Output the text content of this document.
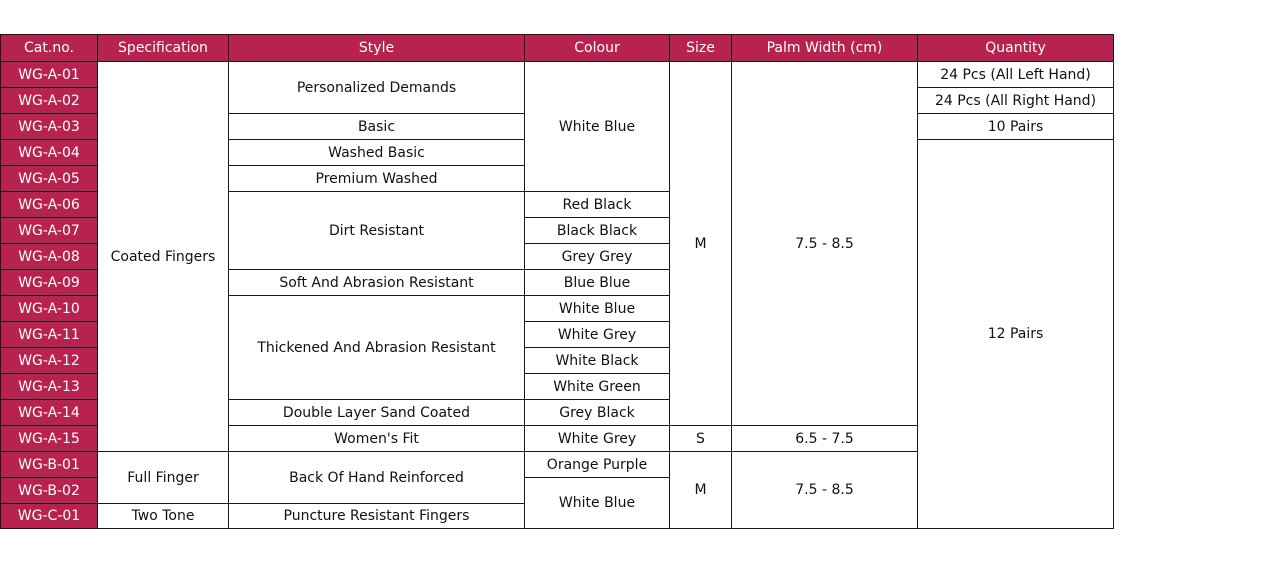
Cat.no.	Specification	Style	Colour	Size	Palm Width (cm)	Quantity
WG-A-01	Coated Fingers	Personalized Demands	White Blue	M	7.5 - 8.5	24 Pcs (All Left Hand)
WG-A-02						24 Pcs (All Right Hand)
WG-A-03		Basic				10 Pairs
WG-A-04		Washed Basic				12 Pairs
WG-A-05		Premium Washed				
WG-A-06		Dirt Resistant	Red Black			
WG-A-07			Black Black			
WG-A-08			Grey Grey			
WG-A-09		Soft And Abrasion Resistant	Blue Blue			
WG-A-10		Thickened And Abrasion Resistant	White Blue			
WG-A-11			White Grey			
WG-A-12			White Black			
WG-A-13			White Green			
WG-A-14		Double Layer Sand Coated	Grey Black			
WG-A-15		Women's Fit	White Grey	S	6.5 - 7.5	
WG-B-01	Full Finger	Back Of Hand Reinforced	Orange Purple	M	7.5 - 8.5	
WG-B-02			White Blue			
WG-C-01	Two Tone	Puncture Resistant Fingers				
